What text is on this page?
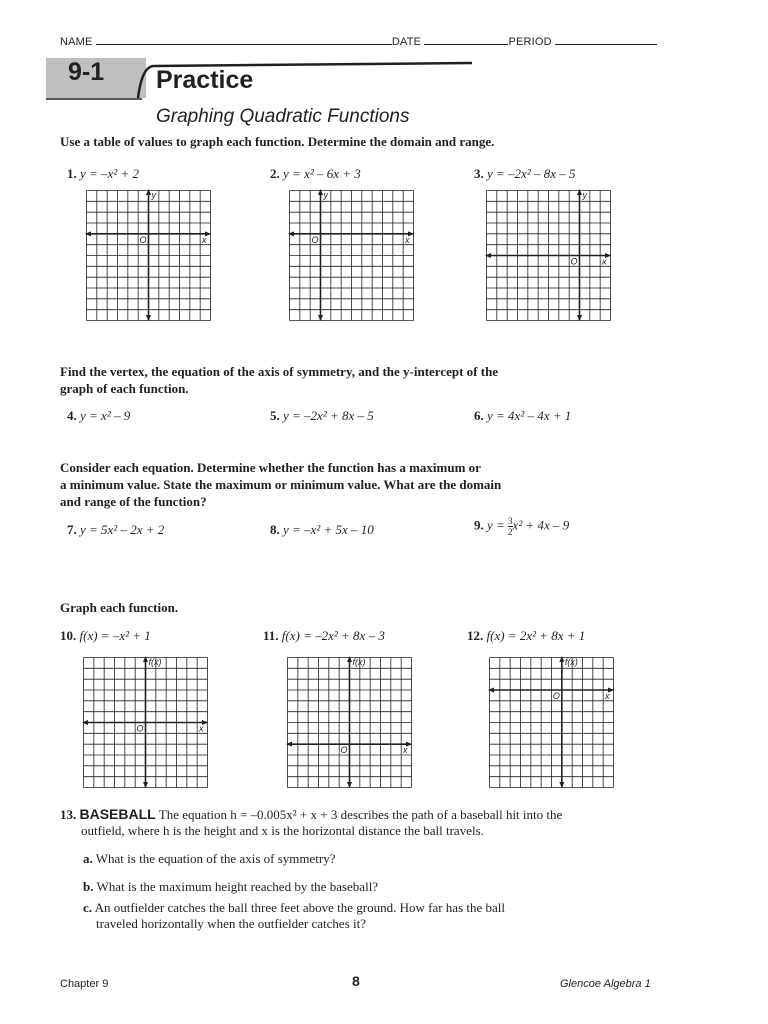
NAME	DATE	PERIOD
9-1 Practice
Graphing Quadratic Functions
Use a table of values to graph each function. Determine the domain and range.
1. y = –x² + 2	2. y = x² – 6x + 3	3. y = –2x² – 8x – 5
y
x
O
y
x
O
y
x
O
Find the vertex, the equation of the axis of symmetry, and the y-intercept of the
graph of each function.
4. y = x² – 9	5. y = –2x² + 8x – 5	6. y = 4x² – 4x + 1
Consider each equation. Determine whether the function has a maximum or
a minimum value. State the maximum or minimum value. What are the domain
and range of the function?
7. y = 5x² – 2x + 2	8. y = –x² + 5x – 10	9. $y = \frac{3}{2} x^2 + 4x - 9$
Graph each function.
10. f(x) = –x² + 1	11. f(x) = –2x² + 8x – 3	12. f(x) = 2x² + 8x + 1
f(x)
x
O
f(x)
x
O
f(x)
x
O
13. BASEBALL The equation h = –0.005x² + x + 3 describes the path of a baseball hit into the
outfield, where h is the height and x is the horizontal distance the ball travels.
a. What is the equation of the axis of symmetry?
b. What is the maximum height reached by the baseball?
c. An outfielder catches the ball three feet above the ground. How far has the ball
traveled horizontally when the outfielder catches it?
Chapter 9	8	Glencoe Algebra 1
